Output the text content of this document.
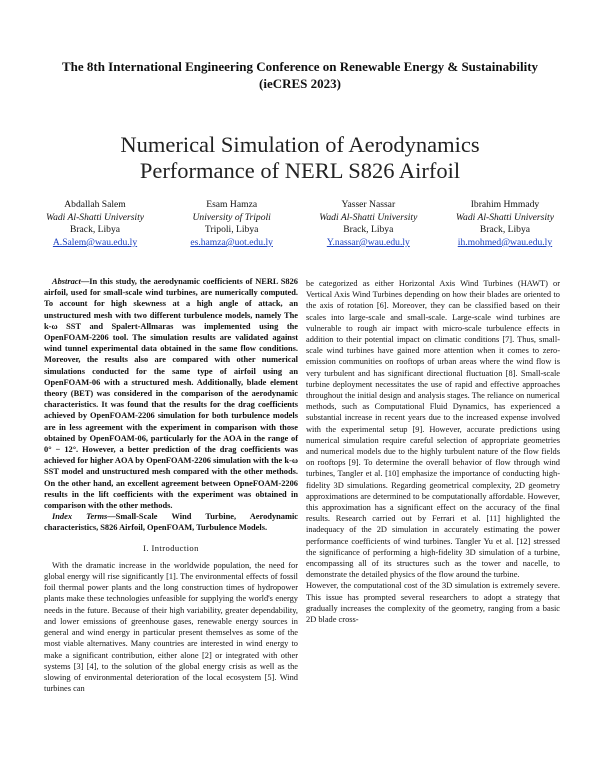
The 8th International Engineering Conference on Renewable Energy & Sustainability
(ieCRES 2023)
Numerical Simulation of Aerodynamics
Performance of NERL S826 Airfoil
Abdallah Salem
Wadi Al-Shatti University
Brack, Libya
A.Salem@wau.edu.ly
Esam Hamza
University of Tripoli
Tripoli, Libya
es.hamza@uot.edu.ly
Yasser Nassar
Wadi Al-Shatti University
Brack, Libya
Y.nassar@wau.edu.ly
Ibrahim Hmmady
Wadi Al-Shatti University
Brack, Libya
ih.mohmed@wau.edu.ly

Abstract—In this study, the aerodynamic coefficients of NERL S826 airfoil, used for small-scale wind turbines, are numerically computed. To account for high skewness at a high angle of attack, an unstructured mesh with two different turbulence models, namely The k-ω SST and Spalert-Allmaras was implemented using the OpenFOAM-2206 tool. The simulation results are validated against wind tunnel experimental data obtained in the same flow conditions. Moreover, the results also are compared with other numerical simulations conducted for the same type of airfoil using an OpenFOAM-06 with a structured mesh. Additionally, blade element theory (BET) was considered in the comparison of the aerodynamic characteristics. It was found that the results for the drag coefficients achieved by OpenFOAM-2206 simulation for both turbulence models are in less agreement with the experiment in comparison with those obtained by OpenFOAM-06, particularly for the AOA in the range of 0° − 12°. However, a better prediction of the drag coefficients was achieved for higher AOA by OpenFOAM-2206 simulation with the k-ω SST model and unstructured mesh compared with the other methods. On the other hand, an excellent agreement between OpneFOAM-2206 results in the lift coefficients with the experiment was obtained in comparison with the other methods.

Index Terms—Small-Scale Wind Turbine, Aerodynamic characteristics, S826 Airfoil, OpenFOAM, Turbulence Models.

I. Introduction

With the dramatic increase in the worldwide population, the need for global energy will rise significantly [1]. The environmental effects of fossil foil thermal power plants and the long construction times of hydropower plants make these technologies unfeasible for supplying the world's energy needs in the future. Because of their high variability, greater dependability, and lower emissions of greenhouse gases, renewable energy sources in general and wind energy in particular present themselves as some of the most viable alternatives. Many countries are interested in wind energy to make a significant contribution, either alone [2] or integrated with other systems [3] [4], to the solution of the global energy crisis as well as the slowing of environmental deterioration of the local ecosystem [5]. Wind turbines can

be categorized as either Horizontal Axis Wind Turbines (HAWT) or Vertical Axis Wind Turbines depending on how their blades are oriented to the axis of rotation [6]. Moreover, they can be classified based on their scales into large-scale and small-scale. Large-scale wind turbines are vulnerable to rough air impact with micro-scale turbulence effects in addition to their potential impact on climatic conditions [7]. Thus, small-scale wind turbines have gained more attention when it comes to zero-emission communities on rooftops of urban areas where the wind flow is very turbulent and has significant directional fluctuation [8]. Small-scale turbine deployment necessitates the use of rapid and effective approaches throughout the initial design and analysis stages. The reliance on numerical methods, such as Computational Fluid Dynamics, has experienced a substantial increase in recent years due to the increased expense involved with the experimental setup [9]. However, accurate predictions using numerical simulation require careful selection of appropriate geometries and numerical models due to the highly turbulent nature of the flow fields on rooftops [9]. To determine the overall behavior of flow through wind turbines, Tangler et al. [10] emphasize the importance of conducting high-fidelity 3D simulations. Regarding geometrical complexity, 2D geometry approximations are determined to be computationally affordable. However, this approximation has a significant effect on the accuracy of the final results. Research carried out by Ferrari et al. [11] highlighted the inadequacy of the 2D simulation in accurately estimating the power performance coefficients of wind turbines. Tangler Yu et al. [12] stressed the significance of performing a high-fidelity 3D simulation of a turbine, encompassing all of its structures such as the tower and nacelle, to demonstrate the detailed physics of the flow around the turbine.

However, the computational cost of the 3D simulation is extremely severe. This issue has prompted several researchers to adopt a strategy that gradually increases the complexity of the geometry, ranging from a basic 2D blade cross-
